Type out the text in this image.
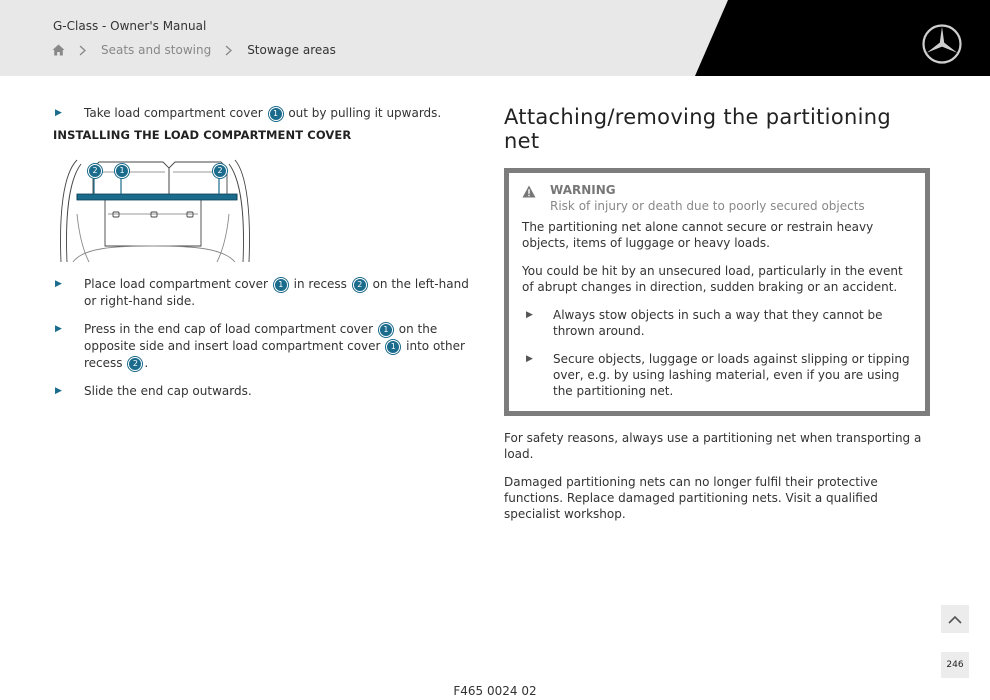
G-Class - Owner's Manual
Seats and stowing	Stowage areas
▶ Take load compartment cover 1 out by pulling it upwards.
INSTALLING THE LOAD COMPARTMENT COVER
2	1	2
▶ Place load compartment cover 1 in recess 2 on the left-hand or right-hand side.
▶ Press in the end cap of load compartment cover 1 on the opposite side and insert load compartment cover 1 into other recess 2 .
▶ Slide the end cap outwards.
Attaching/removing the partitioning net
WARNING
Risk of injury or death due to poorly secured objects
The partitioning net alone cannot secure or restrain heavy objects, items of luggage or heavy loads.
You could be hit by an unsecured load, particularly in the event of abrupt changes in direction, sudden braking or an accident.
▶ Always stow objects in such a way that they cannot be thrown around.
▶ Secure objects, luggage or loads against slipping or tipping over, e.g. by using lashing material, even if you are using the partitioning net.
For safety reasons, always use a partitioning net when transporting a load.
Damaged partitioning nets can no longer fulfil their protective functions. Replace damaged partitioning nets. Visit a qualified specialist workshop.
246
F465 0024 02
